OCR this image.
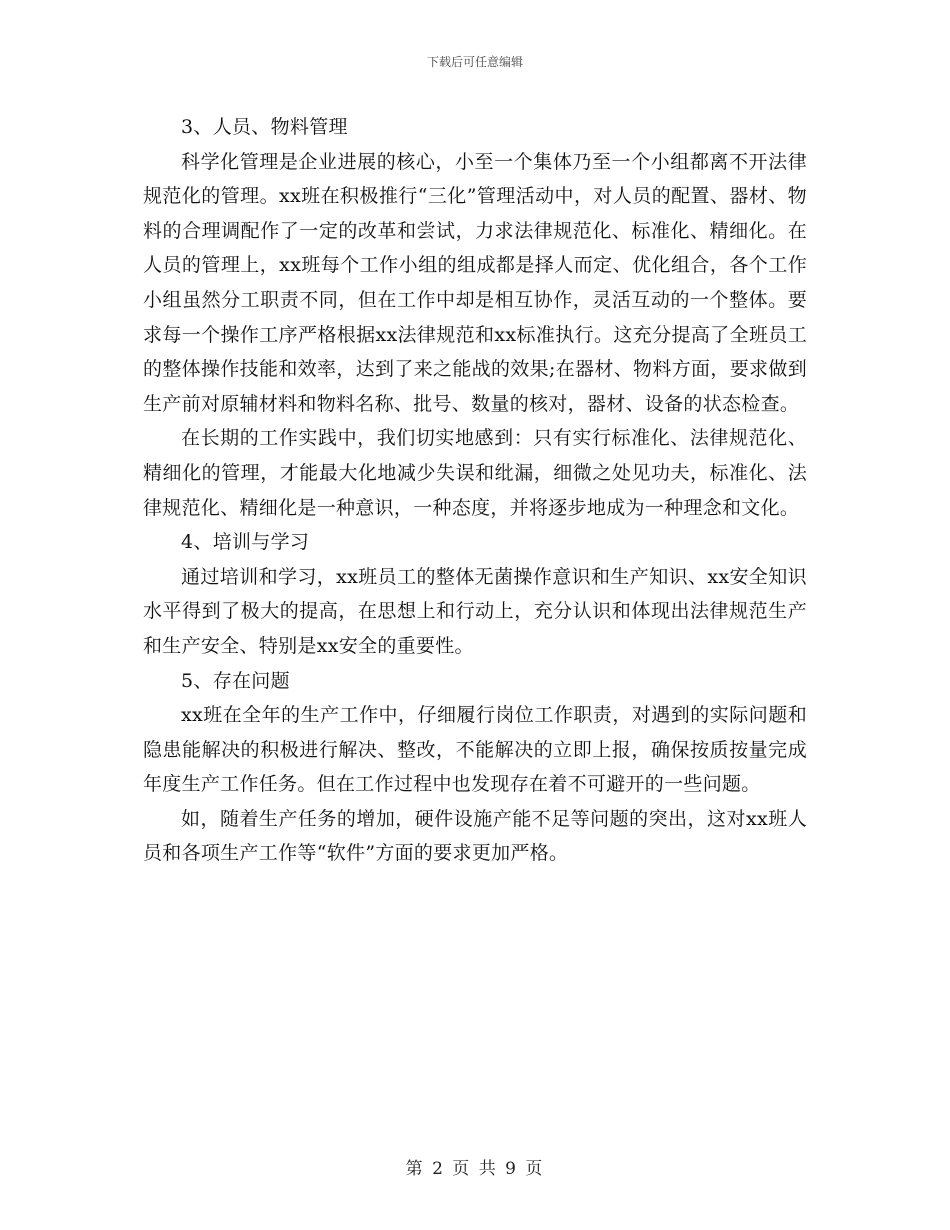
下载后可任意编辑

3、人员、物料管理

科学化管理是企业进展的核心，小至一个集体乃至一个小组都离不开法律规范化的管理。xx班在积极推行“三化”管理活动中，对人员的配置、器材、物料的合理调配作了一定的改革和尝试，力求法律规范化、标准化、精细化。在人员的管理上，xx班每个工作小组的组成都是择人而定、优化组合，各个工作小组虽然分工职责不同，但在工作中却是相互协作，灵活互动的一个整体。要求每一个操作工序严格根据xx法律规范和xx标准执行。这充分提高了全班员工的整体操作技能和效率，达到了来之能战的效果;在器材、物料方面，要求做到生产前对原辅材料和物料名称、批号、数量的核对，器材、设备的状态检查。

在长期的工作实践中，我们切实地感到：只有实行标准化、法律规范化、精细化的管理，才能最大化地减少失误和纰漏，细微之处见功夫，标准化、法律规范化、精细化是一种意识，一种态度，并将逐步地成为一种理念和文化。

4、培训与学习

通过培训和学习，xx班员工的整体无菌操作意识和生产知识、xx安全知识水平得到了极大的提高，在思想上和行动上，充分认识和体现出法律规范生产和生产安全、特别是xx安全的重要性。

5、存在问题

xx班在全年的生产工作中，仔细履行岗位工作职责，对遇到的实际问题和隐患能解决的积极进行解决、整改，不能解决的立即上报，确保按质按量完成年度生产工作任务。但在工作过程中也发现存在着不可避开的一些问题。

如，随着生产任务的增加，硬件设施产能不足等问题的突出，这对xx班人员和各项生产工作等“软件”方面的要求更加严格。

第 2 页 共 9 页
